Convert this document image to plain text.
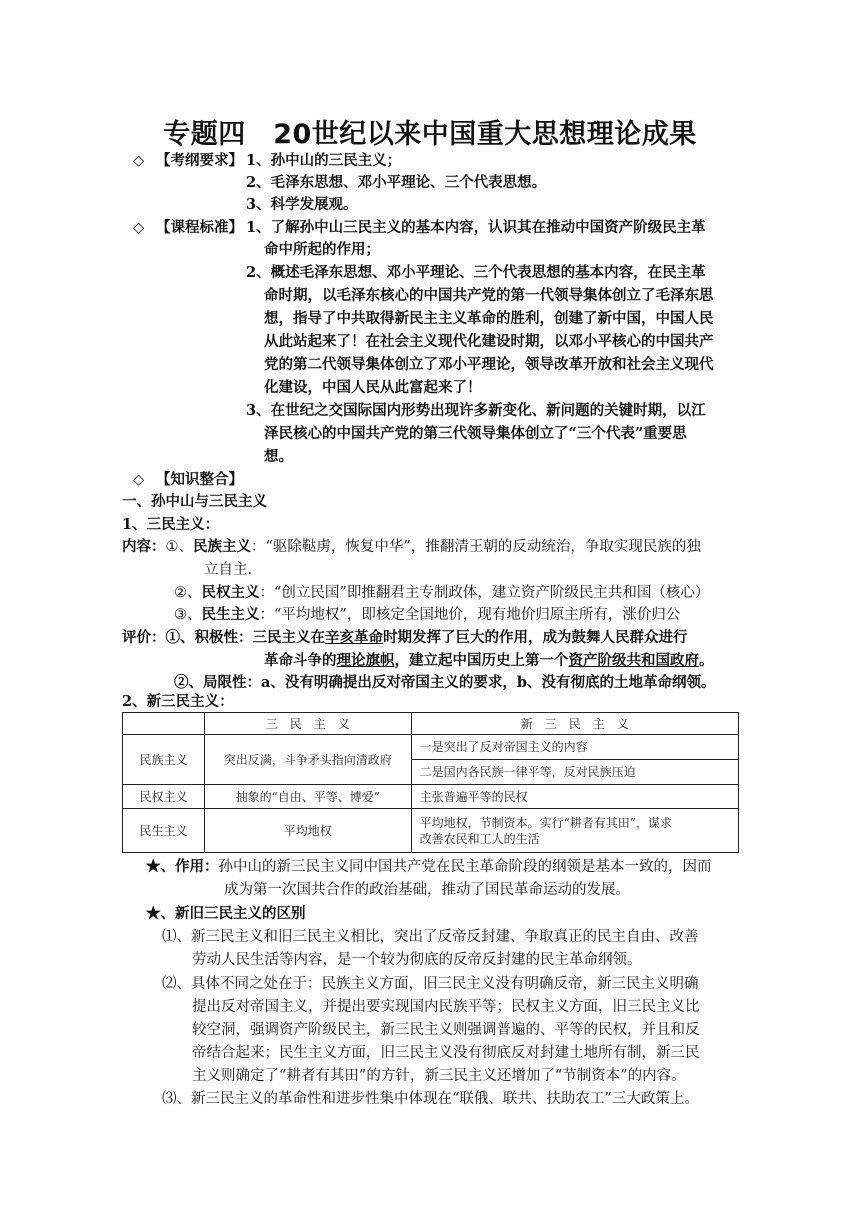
专题四　20世纪以来中国重大思想理论成果
◇ 【考纲要求】 1、孙中山的三民主义；
2、毛泽东思想、邓小平理论、三个代表思想。
3、科学发展观。
◇ 【课程标准】 1、了解孙中山三民主义的基本内容，认识其在推动中国资产阶级民主革
命中所起的作用；
2、概述毛泽东思想、邓小平理论、三个代表思想的基本内容，在民主革
命时期，以毛泽东核心的中国共产党的第一代领导集体创立了毛泽东思
想，指导了中共取得新民主主义革命的胜利，创建了新中国，中国人民
从此站起来了！在社会主义现代化建设时期，以邓小平核心的中国共产
党的第二代领导集体创立了邓小平理论，领导改革开放和社会主义现代
化建设，中国人民从此富起来了！
3、在世纪之交国际国内形势出现许多新变化、新问题的关键时期，以江
泽民核心的中国共产党的第三代领导集体创立了“三个代表”重要思
想。
◇ 【知识整合】
一、孙中山与三民主义
1、三民主义：
内容：①、民族主义：“驱除鞑虏，恢复中华”，推翻清王朝的反动统治，争取实现民族的独
立自主.
②、民权主义：“创立民国”即推翻君主专制政体，建立资产阶级民主共和国（核心）
③、民生主义：“平均地权”，即核定全国地价，现有地价归原主所有，涨价归公
评价：①、积极性：三民主义在辛亥革命时期发挥了巨大的作用，成为鼓舞人民群众进行
革命斗争的理论旗帜，建立起中国历史上第一个资产阶级共和国政府。
②、局限性：a、没有明确提出反对帝国主义的要求，b、没有彻底的土地革命纲领。
2、新三民主义：
	三　民　主　义	新　三　民　主　义
民族主义	突出反满，斗争矛头指向清政府	一是突出了反对帝国主义的内容
		二是国内各民族一律平等，反对民族压迫
民权主义	抽象的“自由、平等、博爱”	主张普遍平等的民权
民生主义	平均地权	平均地权，节制资本。实行“耕者有其田”，谋求
改善农民和工人的生活
★、作用：孙中山的新三民主义同中国共产党在民主革命阶段的纲领是基本一致的，因而
成为第一次国共合作的政治基础，推动了国民革命运动的发展。
★、新旧三民主义的区别
⑴、新三民主义和旧三民主义相比，突出了反帝反封建、争取真正的民主自由、改善
劳动人民生活等内容，是一个较为彻底的反帝反封建的民主革命纲领。
⑵、具体不同之处在于：民族主义方面，旧三民主义没有明确反帝，新三民主义明确
提出反对帝国主义，并提出要实现国内民族平等；民权主义方面，旧三民主义比
较空洞，强调资产阶级民主，新三民主义则强调普遍的、平等的民权，并且和反
帝结合起来；民生主义方面，旧三民主义没有彻底反对封建土地所有制，新三民
主义则确定了“耕者有其田”的方针，新三民主义还增加了“节制资本”的内容。
⑶、新三民主义的革命性和进步性集中体现在“联俄、联共、扶助农工”三大政策上。
